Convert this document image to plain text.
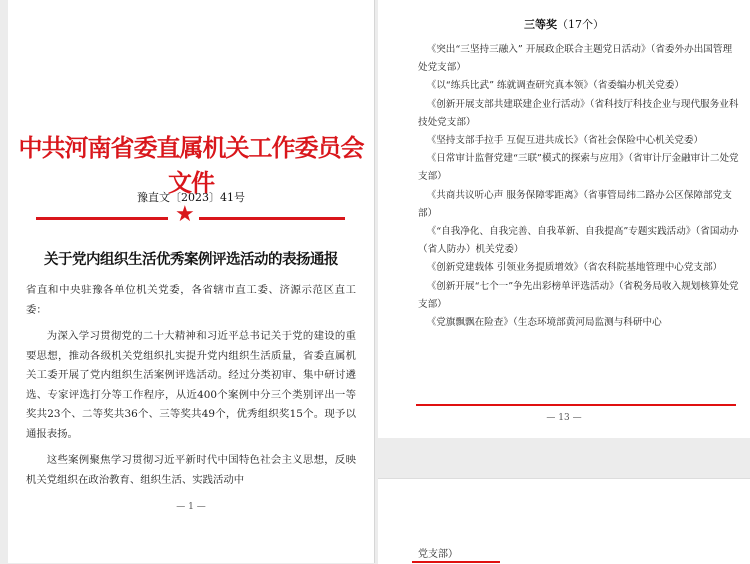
中共河南省委直属机关工作委员会文件
豫直文〔2023〕41号
★
关于党内组织生活优秀案例评选活动的表扬通报

省直和中央驻豫各单位机关党委，各省辖市直工委、济源示范区直工委：

为深入学习贯彻党的二十大精神和习近平总书记关于党的建设的重要思想，推动各级机关党组织扎实提升党内组织生活质量，省委直属机关工委开展了党内组织生活案例评选活动。经过分类初审、集中研讨遴选、专家评选打分等工作程序，从近400个案例中分三个类别评出一等奖共23个、二等奖共36个、三等奖共49个，优秀组织奖15个。现予以通报表扬。

这些案例聚焦学习贯彻习近平新时代中国特色社会主义思想，反映机关党组织在政治教育、组织生活、实践活动中

— 1 —
三等奖（17个）
《突出“三坚持三融入” 开展政企联合主题党日活动》（省委外办出国管理处党支部）
《以“练兵比武” 练就调查研究真本领》（省委编办机关党委）
《创新开展支部共建联建企业行活动》（省科技厅科技企业与现代服务业科技处党支部）
《坚持支部手拉手 互促互进共成长》（省社会保险中心机关党委）
《日常审计监督党建“三联”模式的探索与应用》（省审计厅金融审计二处党支部）
《共商共议听心声 服务保障零距离》（省事管局纬二路办公区保障部党支部）
《“自我净化、自我完善、自我革新、自我提高”专题实践活动》（省国动办（省人防办）机关党委）
《创新党建载体 引领业务提质增效》（省农科院基地管理中心党支部）
《创新开展“七个一”争先出彩榜单评选活动》（省税务局收入规划核算处党支部）
《党旗飘飘在险查》（生态环境部黄河局监测与科研中心
— 13 —
党支部）
